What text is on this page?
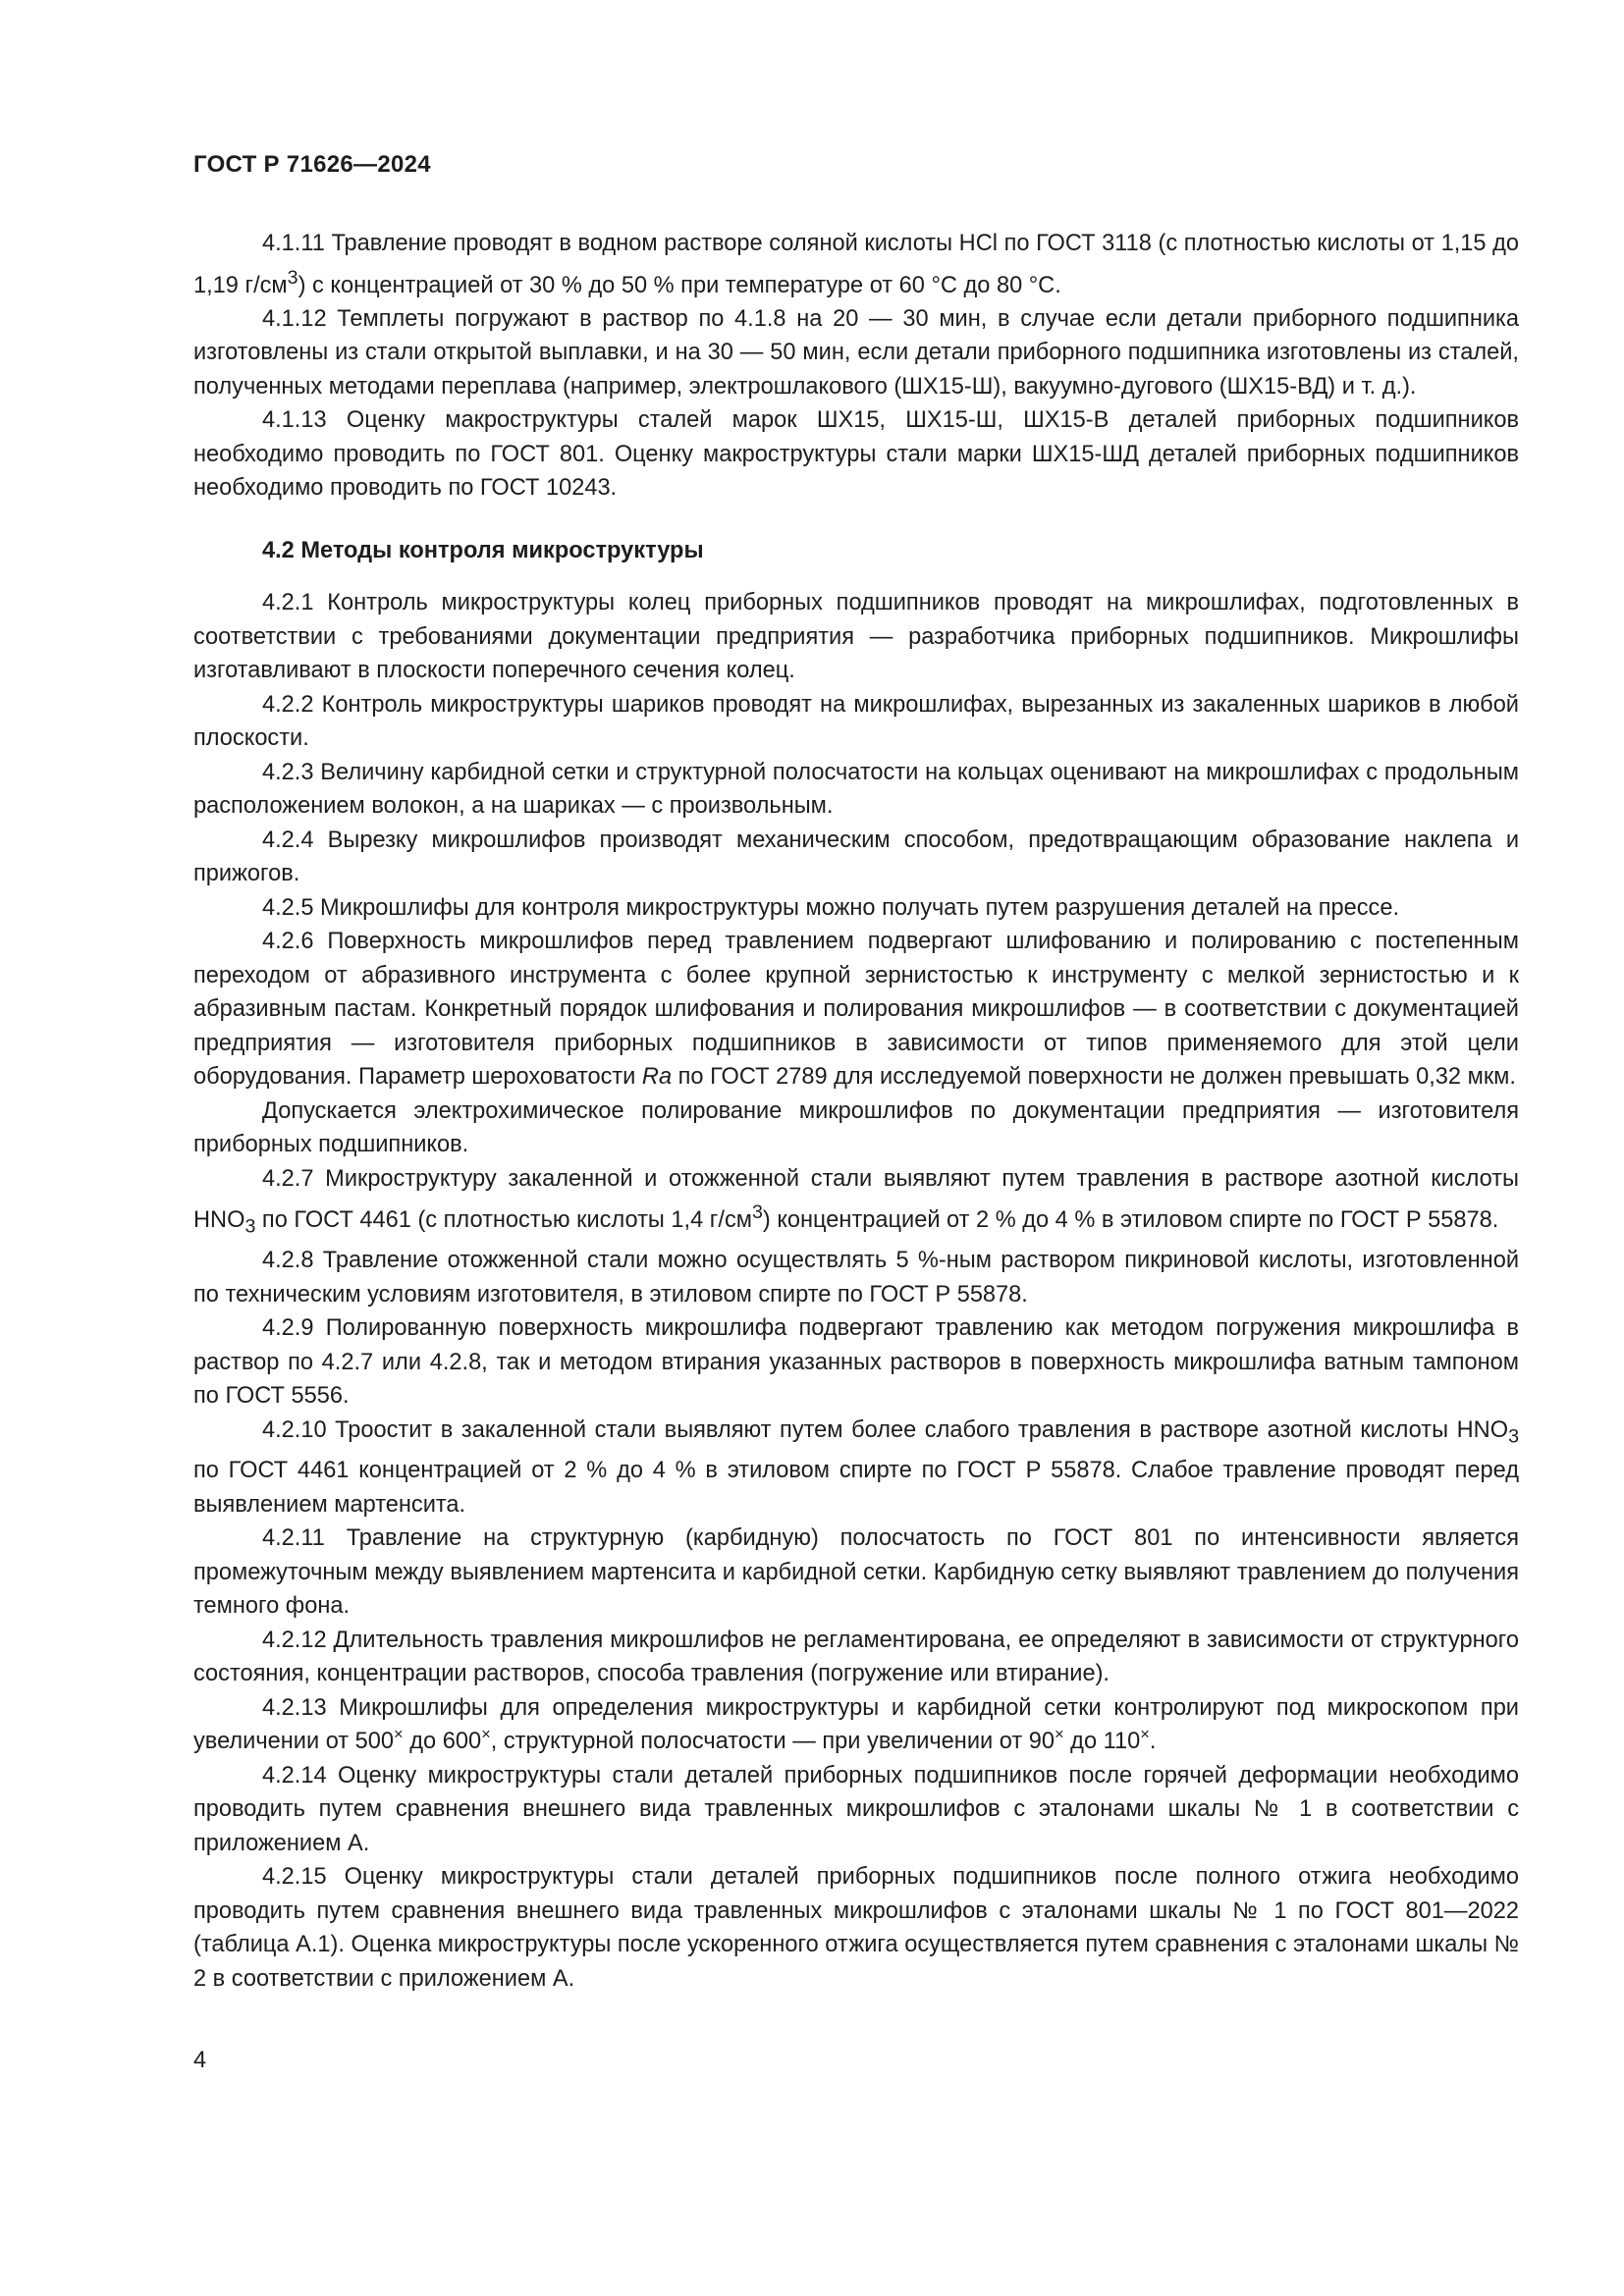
ГОСТ Р 71626—2024

4.1.11 Травление проводят в водном растворе соляной кислоты HCl по ГОСТ 3118 (с плотностью кислоты от 1,15 до 1,19 $г/см^3$) с концентрацией от 30 % до 50 % при температуре от 60 °С до 80 °С.

4.1.12 Темплеты погружают в раствор по 4.1.8 на 20 — 30 мин, в случае если детали приборного подшипника изготовлены из стали открытой выплавки, и на 30 — 50 мин, если детали приборного подшипника изготовлены из сталей, полученных методами переплава (например, электрошлакового (ШХ15-Ш), вакуумно-дугового (ШХ15-ВД) и т. д.).

4.1.13 Оценку макроструктуры сталей марок ШХ15, ШХ15-Ш, ШХ15-В деталей приборных подшипников необходимо проводить по ГОСТ 801. Оценку макроструктуры стали марки ШХ15-ШД деталей приборных подшипников необходимо проводить по ГОСТ 10243.

4.2 Методы контроля микроструктуры

4.2.1 Контроль микроструктуры колец приборных подшипников проводят на микрошлифах, подготовленных в соответствии с требованиями документации предприятия — разработчика приборных подшипников. Микрошлифы изготавливают в плоскости поперечного сечения колец.

4.2.2 Контроль микроструктуры шариков проводят на микрошлифах, вырезанных из закаленных шариков в любой плоскости.

4.2.3 Величину карбидной сетки и структурной полосчатости на кольцах оценивают на микрошлифах с продольным расположением волокон, а на шариках — с произвольным.

4.2.4 Вырезку микрошлифов производят механическим способом, предотвращающим образование наклепа и прижогов.

4.2.5 Микрошлифы для контроля микроструктуры можно получать путем разрушения деталей на прессе.

4.2.6 Поверхность микрошлифов перед травлением подвергают шлифованию и полированию с постепенным переходом от абразивного инструмента с более крупной зернистостью к инструменту с мелкой зернистостью и к абразивным пастам. Конкретный порядок шлифования и полирования микрошлифов — в соответствии с документацией предприятия — изготовителя приборных подшипников в зависимости от типов применяемого для этой цели оборудования. Параметр шероховатости Ra по ГОСТ 2789 для исследуемой поверхности не должен превышать 0,32 мкм.

Допускается электрохимическое полирование микрошлифов по документации предприятия — изготовителя приборных подшипников.

4.2.7 Микроструктуру закаленной и отожженной стали выявляют путем травления в растворе азотной кислоты $HNO_3$ по ГОСТ 4461 (с плотностью кислоты 1,4 $г/см^3$) концентрацией от 2 % до 4 % в этиловом спирте по ГОСТ Р 55878.

4.2.8 Травление отожженной стали можно осуществлять 5 %-ным раствором пикриновой кислоты, изготовленной по техническим условиям изготовителя, в этиловом спирте по ГОСТ Р 55878.

4.2.9 Полированную поверхность микрошлифа подвергают травлению как методом погружения микрошлифа в раствор по 4.2.7 или 4.2.8, так и методом втирания указанных растворов в поверхность микрошлифа ватным тампоном по ГОСТ 5556.

4.2.10 Троостит в закаленной стали выявляют путем более слабого травления в растворе азотной кислоты $HNO_3$ по ГОСТ 4461 концентрацией от 2 % до 4 % в этиловом спирте по ГОСТ Р 55878. Слабое травление проводят перед выявлением мартенсита.

4.2.11 Травление на структурную (карбидную) полосчатость по ГОСТ 801 по интенсивности является промежуточным между выявлением мартенсита и карбидной сетки. Карбидную сетку выявляют травлением до получения темного фона.

4.2.12 Длительность травления микрошлифов не регламентирована, ее определяют в зависимости от структурного состояния, концентрации растворов, способа травления (погружение или втирание).

4.2.13 Микрошлифы для определения микроструктуры и карбидной сетки контролируют под микроскопом при увеличении от 500× до 600×, структурной полосчатости — при увеличении от 90× до 110×.

4.2.14 Оценку микроструктуры стали деталей приборных подшипников после горячей деформации необходимо проводить путем сравнения внешнего вида травленных микрошлифов с эталонами шкалы № 1 в соответствии с приложением А.

4.2.15 Оценку микроструктуры стали деталей приборных подшипников после полного отжига необходимо проводить путем сравнения внешнего вида травленных микрошлифов с эталонами шкалы № 1 по ГОСТ 801—2022 (таблица А.1). Оценка микроструктуры после ускоренного отжига осуществляется путем сравнения с эталонами шкалы № 2 в соответствии с приложением А.

4
